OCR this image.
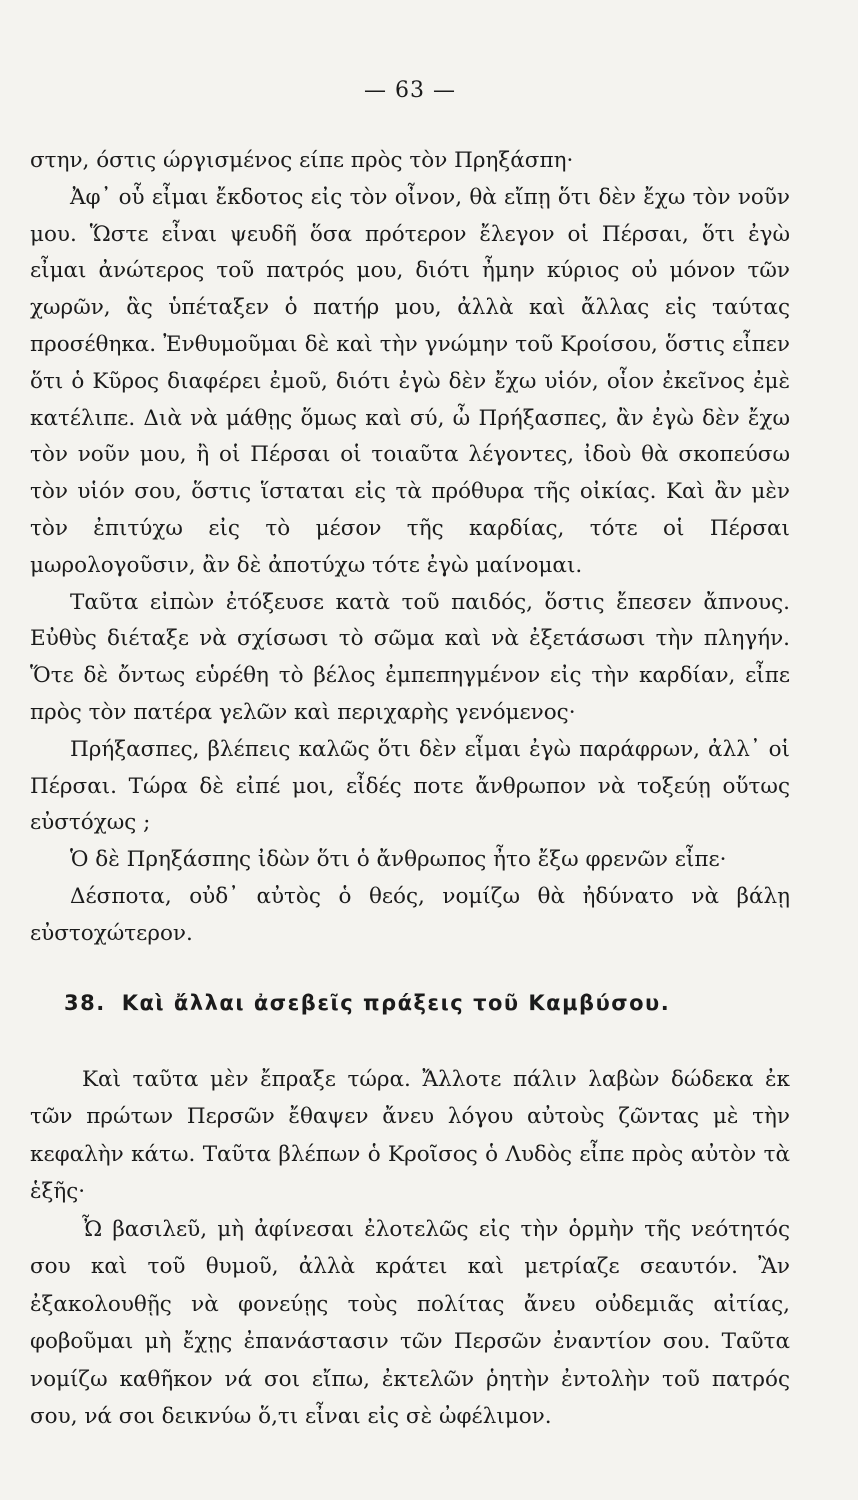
— 63 —

στην, όστις ώργισμένος είπε πρὸς τὸν Πρηξάσπη·

Ἀφ᾽ οὗ εἶμαι ἔκδοτος εἰς τὸν οἶνον, θὰ εἴπῃ ὅτι δὲν ἔχω τὸν νοῦν μου. Ὥστε εἶναι ψευδῆ ὅσα πρότερον ἔλεγον οἱ Πέρσαι, ὅτι ἐγὼ εἶμαι ἀνώτερος τοῦ πατρός μου, διότι ἦμην κύριος οὐ μόνον τῶν χωρῶν, ἃς ὑπέταξεν ὁ πατήρ μου, ἀλλὰ καὶ ἄλλας εἰς ταύτας προσέθηκα. Ἐνθυμοῦμαι δὲ καὶ τὴν γνώμην τοῦ Κροίσου, ὅστις εἶπεν ὅτι ὁ Κῦρος διαφέρει ἐμοῦ, διότι ἐγὼ δὲν ἔχω υἱόν, οἷον ἐκεῖνος ἐμὲ κατέλιπε. Διὰ νὰ μάθῃς ὅμως καὶ σύ, ὦ Πρήξασπες, ἂν ἐγὼ δὲν ἔχω τὸν νοῦν μου, ἢ οἱ Πέρσαι οἱ τοιαῦτα λέγοντες, ἰδοὺ θὰ σκοπεύσω τὸν υἱόν σου, ὅστις ἵσταται εἰς τὰ πρόθυρα τῆς οἰκίας. Καὶ ἂν μὲν τὸν ἐπιτύχω εἰς τὸ μέσον τῆς καρδίας, τότε οἱ Πέρσαι μωρολογοῦσιν, ἂν δὲ ἀποτύχω τότε ἐγὼ μαίνομαι.

Ταῦτα εἰπὼν ἐτόξευσε κατὰ τοῦ παιδός, ὅστις ἔπεσεν ἄπνους. Εὐθὺς διέταξε νὰ σχίσωσι τὸ σῶμα καὶ νὰ ἐξετάσωσι τὴν πληγήν. Ὅτε δὲ ὄντως εὑρέθη τὸ βέλος ἐμπεπηγμένον εἰς τὴν καρδίαν, εἶπε πρὸς τὸν πατέρα γελῶν καὶ περιχαρὴς γενόμενος·

Πρήξασπες, βλέπεις καλῶς ὅτι δὲν εἶμαι ἐγὼ παράφρων, ἀλλ᾽ οἱ Πέρσαι. Τώρα δὲ εἰπέ μοι, εἶδές ποτε ἄνθρωπον νὰ τοξεύῃ οὕτως εὐστόχως ;

Ὁ δὲ Πρηξάσπης ἰδὼν ὅτι ὁ ἄνθρωπος ἦτο ἔξω φρενῶν εἶπε·

Δέσποτα, οὐδ᾽ αὐτὸς ὁ θεός, νομίζω θὰ ἠδύνατο νὰ βάλῃ εὐστοχώτερον.

38. Καὶ ἄλλαι ἀσεβεῖς πράξεις τοῦ Καμβύσου.

Καὶ ταῦτα μὲν ἔπραξε τώρα. Ἄλλοτε πάλιν λαβὼν δώδεκα ἐκ τῶν πρώτων Περσῶν ἔθαψεν ἄνευ λόγου αὐτοὺς ζῶντας μὲ τὴν κεφαλὴν κάτω. Ταῦτα βλέπων ὁ Κροῖσος ὁ Λυδὸς εἶπε πρὸς αὐτὸν τὰ ἑξῆς·

Ὦ βασιλεῦ, μὴ ἀφίνεσαι ἐλοτελῶς εἰς τὴν ὁρμὴν τῆς νεότητός σου καὶ τοῦ θυμοῦ, ἀλλὰ κράτει καὶ μετρίαζε σεαυτόν. Ἂν ἐξακολουθῇς νὰ φονεύῃς τοὺς πολίτας ἄνευ οὐδεμιᾶς αἰτίας, φοβοῦμαι μὴ ἔχῃς ἐπανάστασιν τῶν Περσῶν ἐναντίον σου. Ταῦτα νομίζω καθῆκον νά σοι εἴπω, ἐκτελῶν ῥητὴν ἐντολὴν τοῦ πατρός σου, νά σοι δεικνύω ὅ,τι εἶναι εἰς σὲ ὠφέλιμον.
